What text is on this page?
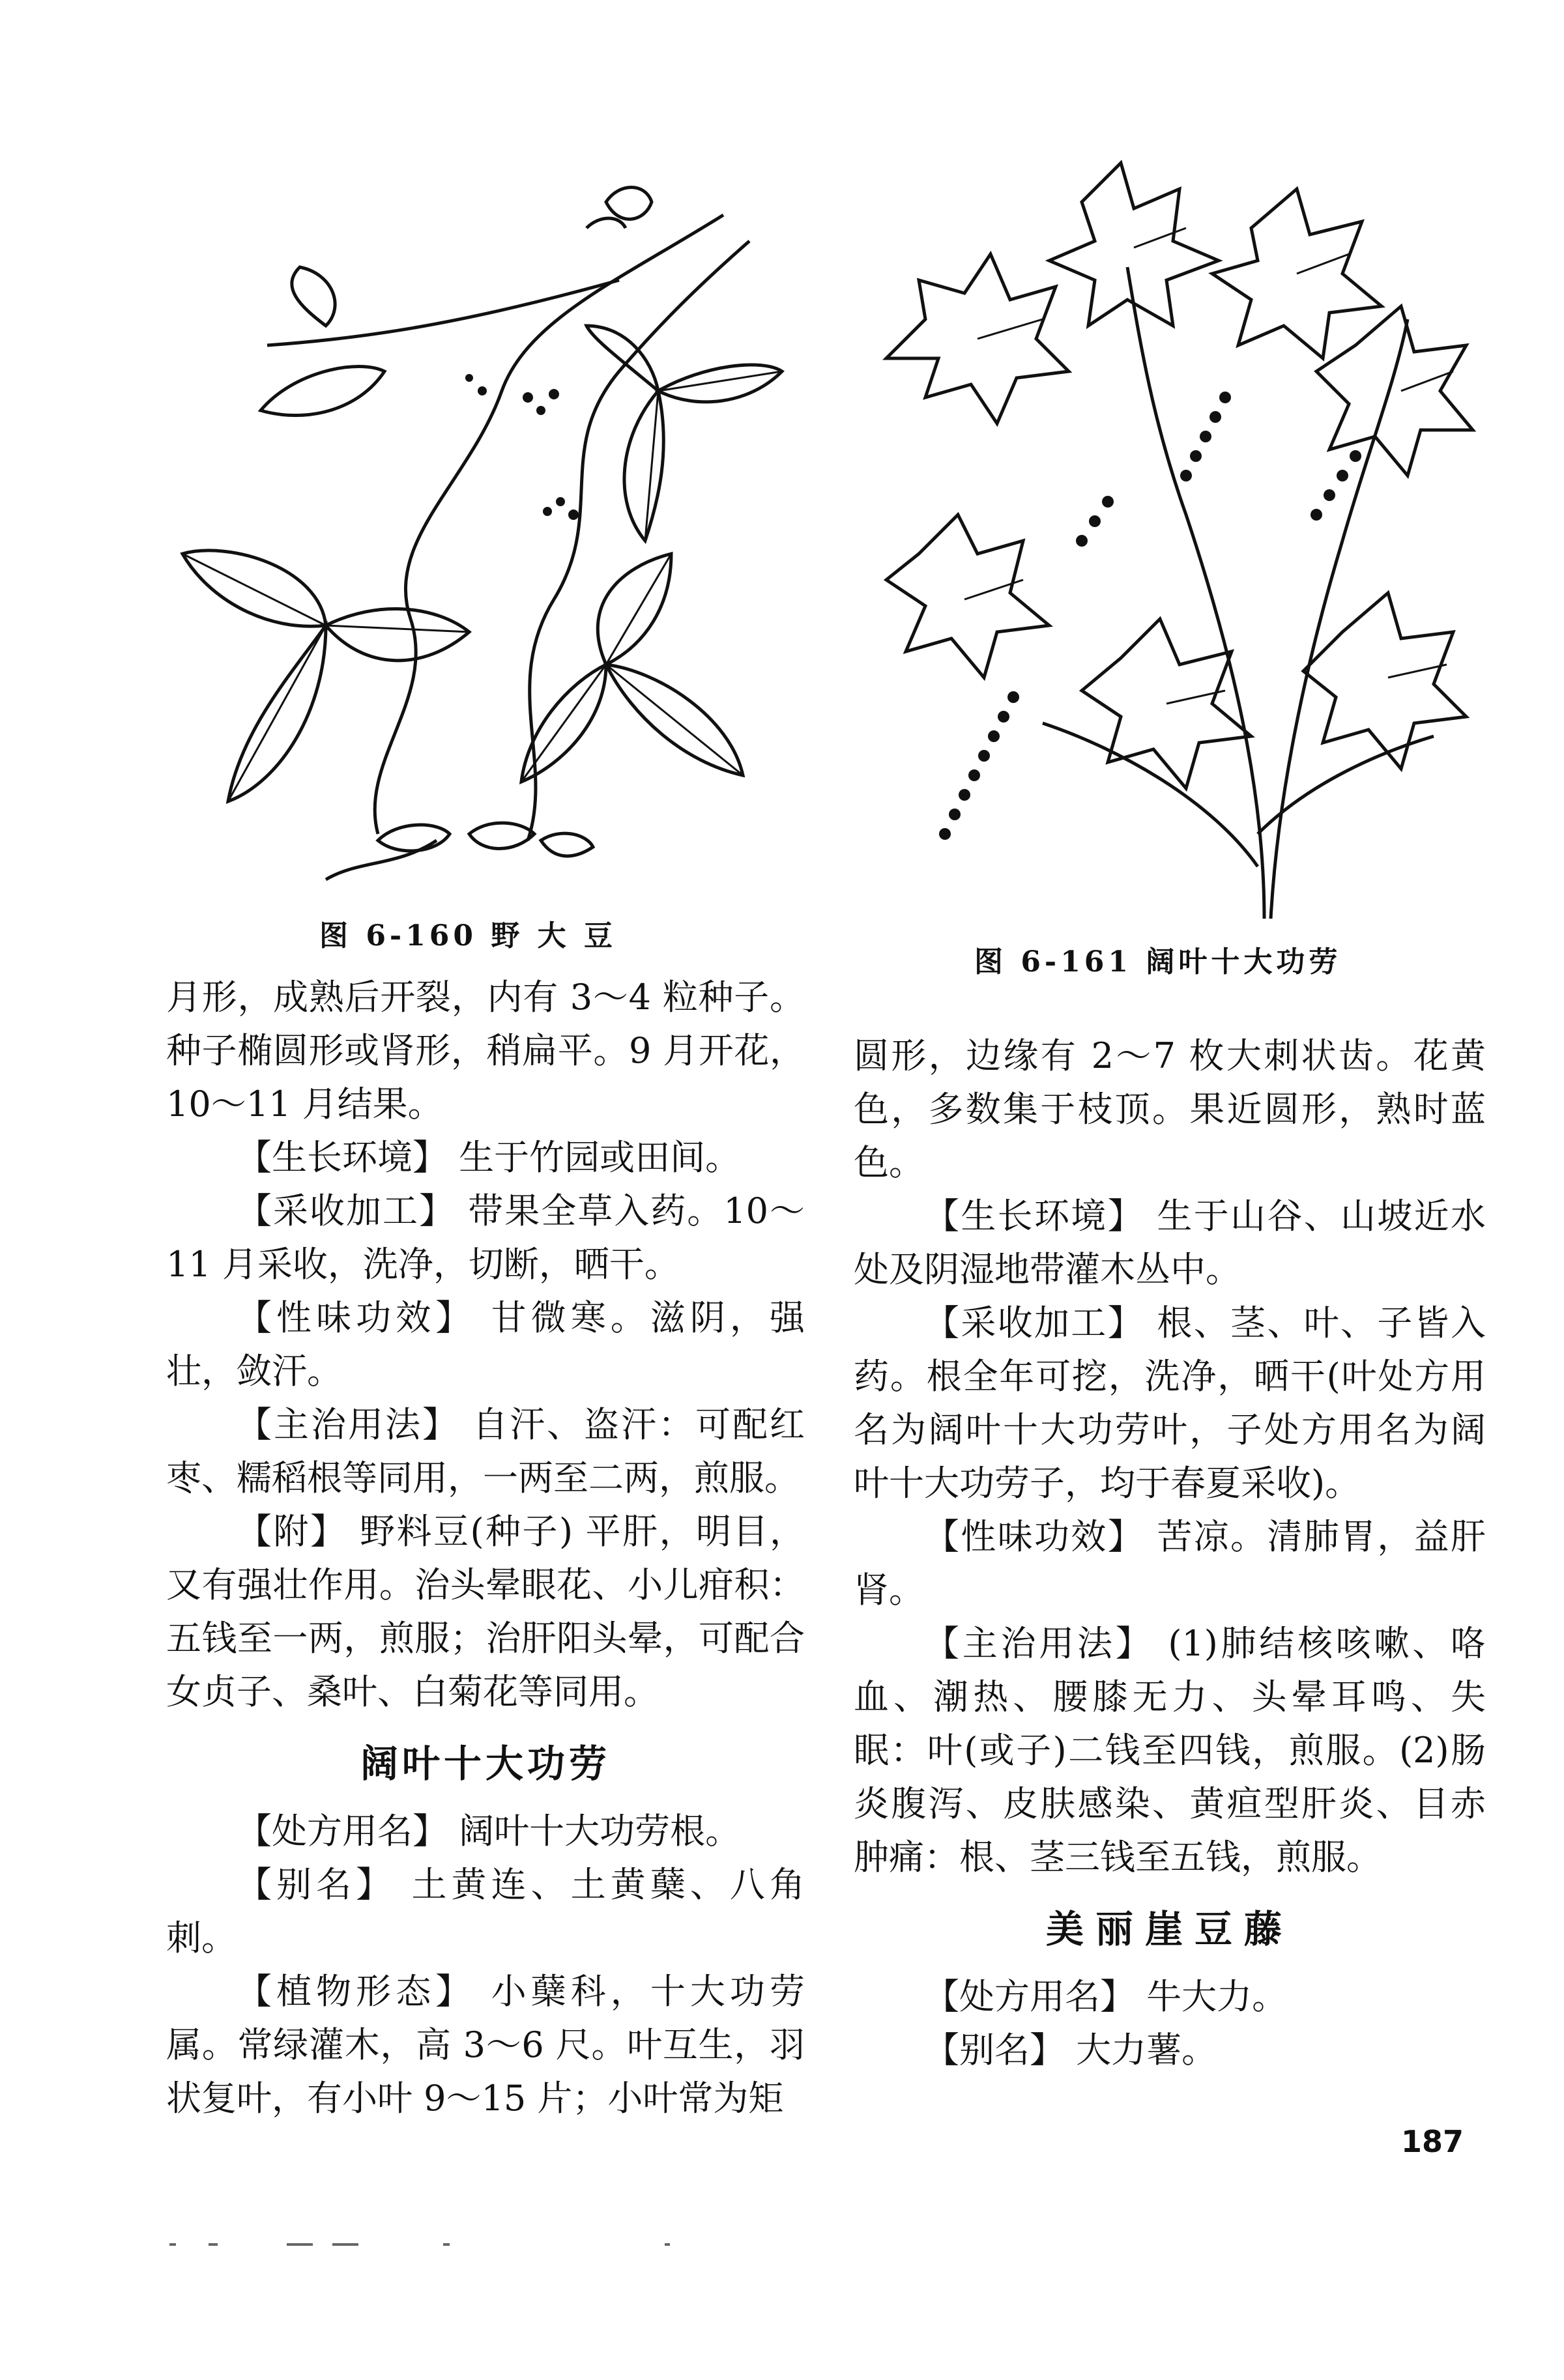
图 6-160 野 大 豆
图 6-161 阔叶十大功劳

月形，成熟后开裂，内有 3～4 粒种子。种子椭圆形或肾形，稍扁平。9 月开花，10～11 月结果。

【生长环境】 生于竹园或田间。

【采收加工】 带果全草入药。10～11 月采收，洗净，切断，晒干。

【性味功效】 甘微寒。滋阴，强壮，敛汗。

【主治用法】 自汗、盗汗：可配红枣、糯稻根等同用，一两至二两，煎服。

【附】 野料豆(种子) 平肝，明目，又有强壮作用。治头晕眼花、小儿疳积：五钱至一两，煎服；治肝阳头晕，可配合女贞子、桑叶、白菊花等同用。

阔叶十大功劳

【处方用名】 阔叶十大功劳根。

【别名】 土黄连、土黄蘖、八角刺。

【植物形态】 小蘖科，十大功劳属。常绿灌木，高 3～6 尺。叶互生，羽状复叶，有小叶 9～15 片；小叶常为矩

圆形，边缘有 2～7 枚大刺状齿。花黄色，多数集于枝顶。果近圆形，熟时蓝色。

【生长环境】 生于山谷、山坡近水处及阴湿地带灌木丛中。

【采收加工】 根、茎、叶、子皆入药。根全年可挖，洗净，晒干(叶处方用名为阔叶十大功劳叶，子处方用名为阔叶十大功劳子，均于春夏采收)。

【性味功效】 苦凉。清肺胃，益肝肾。

【主治用法】 (1)肺结核咳嗽、咯血、潮热、腰膝无力、头晕耳鸣、失眠：叶(或子)二钱至四钱，煎服。(2)肠炎腹泻、皮肤感染、黄疸型肝炎、目赤肿痛：根、茎三钱至五钱，煎服。

美丽崖豆藤

【处方用名】 牛大力。

【别名】 大力薯。

187
